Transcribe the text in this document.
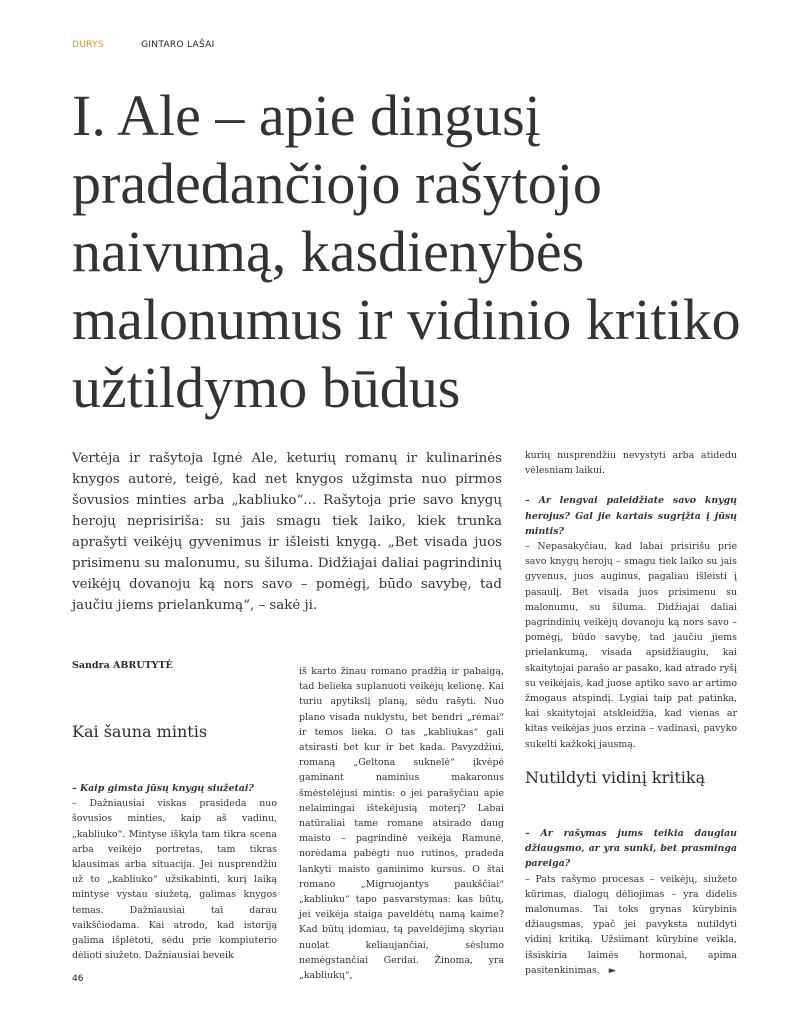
DURYS	GINTARO LAŠAI
I. Ale – apie dingusį pradedančiojo rašytojo naivumą, kasdienybės malonumus ir vidinio kritiko užtildymo būdus

Vertėja ir rašytoja Ignė Ale, keturių romanų ir kulinarinės knygos autorė, teigė, kad net knygos užgimsta nuo pirmos šovusios minties arba „kabliuko“... Rašytoja prie savo knygų herojų neprisiriša: su jais smagu tiek laiko, kiek trunka aprašyti veikėjų gyvenimus ir išleisti knygą. „Bet visada juos prisimenu su malonumu, su šiluma. Didžiajai daliai pagrindinių veikėjų dovanoju ką nors savo – pomėgį, būdo savybę, tad jaučiu jiems prielankumą“, – sakė ji.

Sandra ABRUTYTĖ
Kai šauna mintis

– Kaip gimsta jūsų knygų siužetai?

– Dažniausiai viskas prasideda nuo šovusios minties, kaip aš vadinu, „kabliuko“. Mintyse iškyla tam tikra scena arba veikėjo portretas, tam tikras klausimas arba situacija. Jei nusprendžiu už to „kabliuko“ užsikabinti, kurį laiką mintyse vystau siužetą, galimas knygos temas. Dažniausiai tai darau vaikščiodama. Kai atrodo, kad istoriją galima išplėtoti, sėdu prie kompiuterio dėlioti siužeto. Dažniausiai beveik

iš karto žinau romano pradžią ir pabaigą, tad belieka suplanuoti veikėjų kelionę. Kai turiu apytikslį planą, sėdu rašyti. Nuo plano visada nuklystu, bet bendri „rėmai“ ir temos lieka. O tas „kabliukas“ gali atsirasti bet kur ir bet kada. Pavyzdžiui, romaną „Geltona suknelė“ įkvėpė gaminant naminius makaronus šmėstelėjusi mintis: o jei parašyčiau apie nelaimingai ištekėjusią moterį? Labai natūraliai tame romane atsirado daug maisto – pagrindinė veikėja Ramunė, norėdama pabėgti nuo rutinos, pradeda lankyti maisto gaminimo kursus. O štai romano „Migruojantys paukščiai“ „kabliuku“ tapo pasvarstymas: kas būtų, jei veikėja staiga paveldėtų namą kaime? Kad būtų įdomiau, tą paveldėjimą skyriau nuolat keliaujančiai, sėslumo nemėgstančiai Gerdai. Žinoma, yra „kabliukų“,

kurių nusprendžiu nevystyti arba atidedu vėlesniam laikui.

– Ar lengvai paleidžiate savo knygų herojus? Gal jie kartais sugrįžta į jūsų mintis?

– Nepasakyčiau, kad labai prisirišu prie savo knygų herojų – smagu tiek laiko su jais gyvenus, juos auginus, pagaliau išleisti į pasaulį. Bet visada juos prisimenu su malonumu, su šiluma. Didžiajai daliai pagrindinių veikėjų dovanoju ką nors savo – pomėgį, būdo savybę, tad jaučiu jiems prielankumą, visada apsidžiaugiu, kai skaitytojai parašo ar pasako, kad atrado ryšį su veikėjais, kad juose aptiko savo ar artimo žmogaus atspindį. Lygiai taip pat patinka, kai skaitytojai atskleidžia, kad vienas ar kitas veikėjas juos erzina – vadinasi, pavyko sukelti kažkokį jausmą.

Nutildyti vidinį kritiką

– Ar rašymas jums teikia daugiau džiaugsmo, ar yra sunki, bet prasminga pareiga?

– Pats rašymo procesas – veikėjų, siužeto kūrimas, dialogų dėliojimas – yra didelis malonumas. Tai toks grynas kūrybinis džiaugsmas, ypač jei pavyksta nutildyti vidinį kritiką. Užsiimant kūrybine veikla, išsiskiria laimės hormonai, apima pasitenkinimas. ►

46
